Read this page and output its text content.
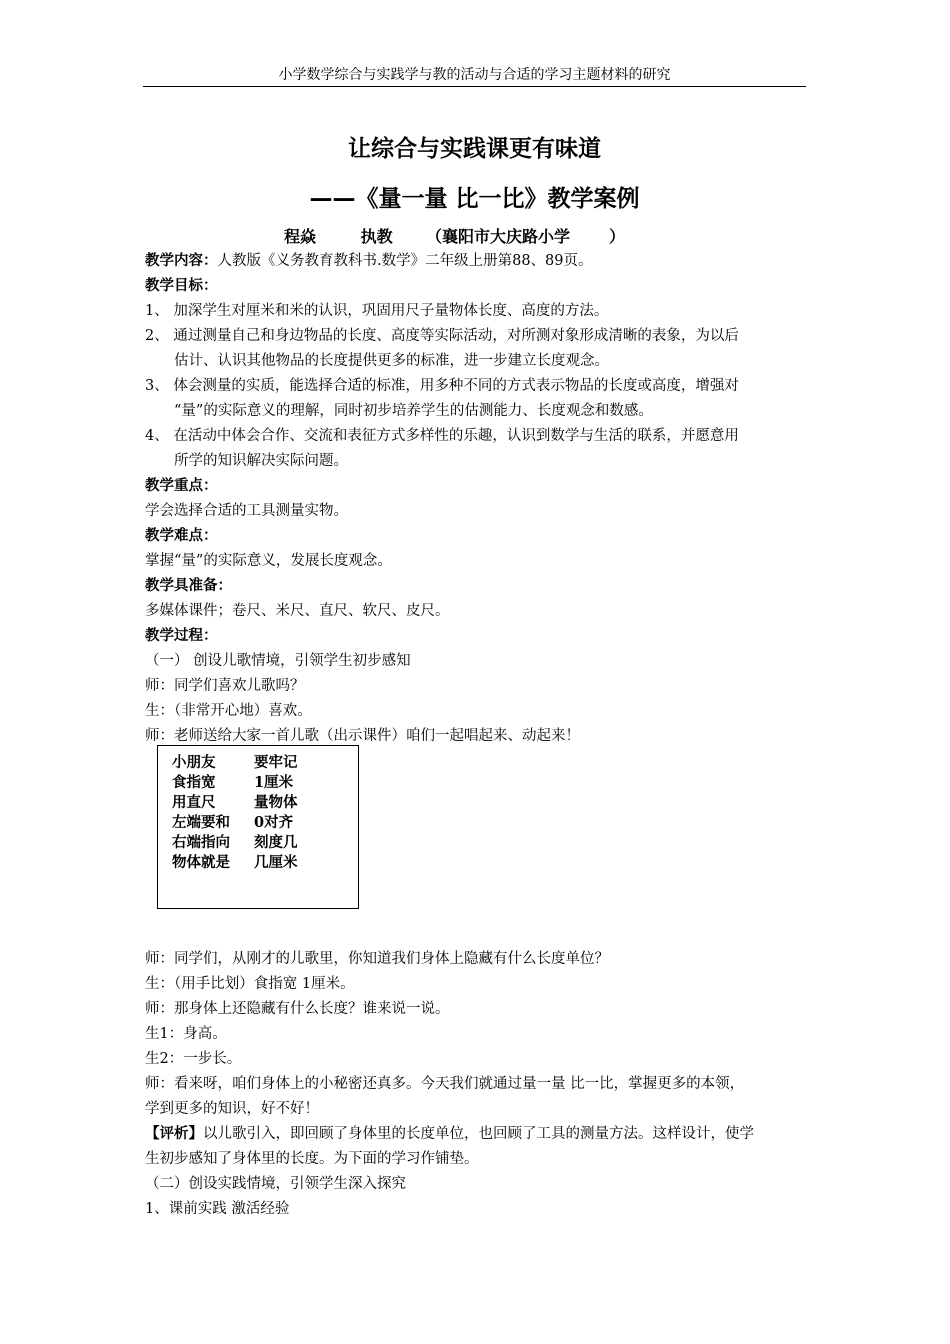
小学数学综合与实践学与教的活动与合适的学习主题材料的研究
让综合与实践课更有味道
——《量一量 比一比》教学案例
程焱        执教      （襄阳市大庆路小学       ）
教学内容：人教版《义务教育教科书.数学》二年级上册第88、89页。
教学目标：
1、 加深学生对厘米和米的认识，巩固用尺子量物体长度、高度的方法。
2、 通过测量自己和身边物品的长度、高度等实际活动，对所测对象形成清晰的表象，为以后
估计、认识其他物品的长度提供更多的标准，进一步建立长度观念。
3、 体会测量的实质，能选择合适的标准，用多种不同的方式表示物品的长度或高度，增强对
“量”的实际意义的理解，同时初步培养学生的估测能力、长度观念和数感。
4、 在活动中体会合作、交流和表征方式多样性的乐趣，认识到数学与生活的联系，并愿意用
所学的知识解决实际问题。
教学重点：
学会选择合适的工具测量实物。
教学难点：
掌握“量”的实际意义，发展长度观念。
教学具准备：
多媒体课件；卷尺、米尺、直尺、软尺、皮尺。
教学过程：
（一） 创设儿歌情境，引领学生初步感知
师：同学们喜欢儿歌吗？
生：（非常开心地）喜欢。
师：老师送给大家一首儿歌（出示课件）咱们一起唱起来、动起来！
小朋友	要牢记
食指宽	1厘米
用直尺	量物体
左端要和 0对齐
右端指向 刻度几
物体就是 几厘米
师：同学们，从刚才的儿歌里，你知道我们身体上隐藏有什么长度单位？
生：（用手比划）食指宽 1厘米。
师：那身体上还隐藏有什么长度？谁来说一说。
生1：身高。
生2：一步长。
师：看来呀，咱们身体上的小秘密还真多。今天我们就通过量一量 比一比，掌握更多的本领，
学到更多的知识，好不好！
【评析】以儿歌引入，即回顾了身体里的长度单位，也回顾了工具的测量方法。这样设计，使学
生初步感知了身体里的长度。为下面的学习作铺垫。
（二）创设实践情境，引领学生深入探究
1、课前实践 激活经验
